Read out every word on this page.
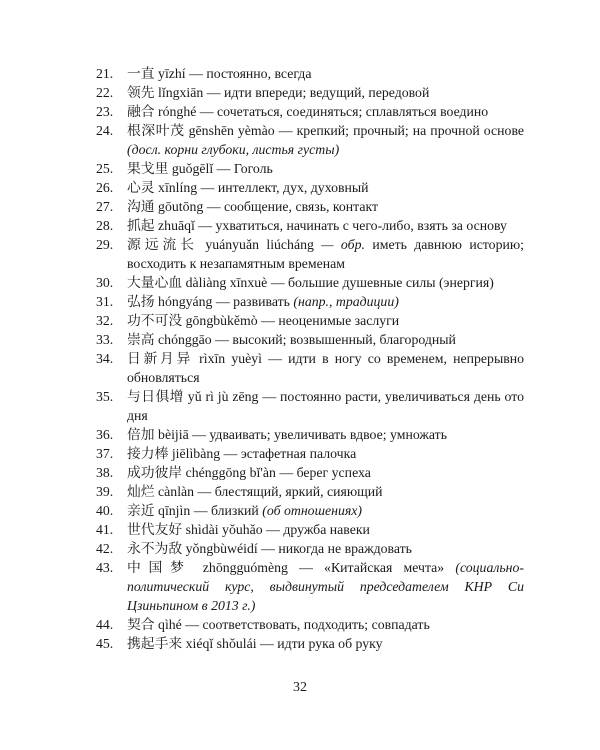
21. 一直 yīzhí — постоянно, всегда
22. 领先 lǐngxiān — идти впереди; ведущий, передовой
23. 融合 rónghé — сочетаться, соединяться; сплавляться воедино
24. 根深叶茂 gēnshēn yèmào — крепкий; прочный; на прочной основе (досл. корни глубоки, листья густы)
25. 果戈里 guǒgēlǐ — Гоголь
26. 心灵 xīnlíng — интеллект, дух, духовный
27. 沟通 gōutōng — сообщение, связь, контакт
28. 抓起 zhuāqǐ — ухватиться, начинать с чего-либо, взять за основу
29. 源远流长 yuányuǎn liúcháng — обр. иметь давнюю историю; восходить к незапамятным временам
30. 大量心血 dàliàng xīnxuè — большие душевные силы (энергия)
31. 弘扬 hóngyáng — развивать (напр., традиции)
32. 功不可没 gōngbùkěmò — неоценимые заслуги
33. 崇高 chónggāo — высокий; возвышенный, благородный
34. 日新月异 rìxīn yuèyì — идти в ногу со временем, непрерывно обновляться
35. 与日俱增 yǔ rì jù zēng — постоянно расти, увеличиваться день ото дня
36. 倍加 bèijiā — удваивать; увеличивать вдвое; умножать
37. 接力棒 jiēlìbàng — эстафетная палочка
38. 成功彼岸 chénggōng bǐ'àn — берег успеха
39. 灿烂 cànlàn — блестящий, яркий, сияющий
40. 亲近 qīnjìn — близкий (об отношениях)
41. 世代友好 shìdài yǒuhǎo — дружба навеки
42. 永不为敌 yǒngbùwéidí — никогда не враждовать
43. 中国梦 zhōngguómèng — «Китайская мечта» (социально-политический курс, выдвинутый председателем КНР Си Цзиньпином в 2013 г.)
44. 契合 qìhé — соответствовать, подходить; совпадать
45. 携起手来 xiéqǐ shǒulái — идти рука об руку
32
